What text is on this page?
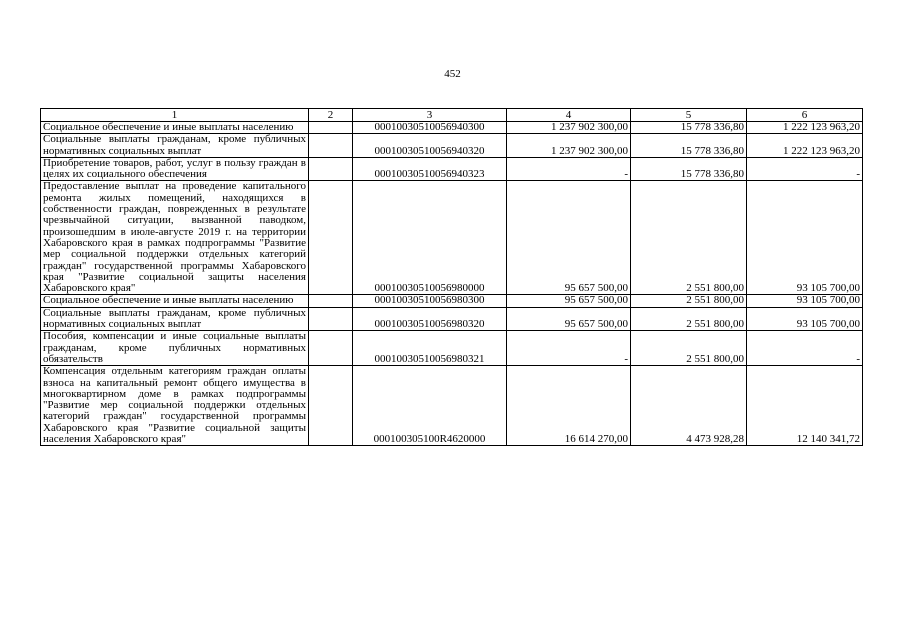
452
1	2	3	4	5	6
Социальное обеспечение и иные выплаты населению		00010030510056940300	1 237 902 300,00	15 778 336,80	1 222 123 963,20
Социальные выплаты гражданам, кроме публичных нормативных социальных выплат		00010030510056940320	1 237 902 300,00	15 778 336,80	1 222 123 963,20
Приобретение товаров, работ, услуг в пользу граждан в целях их социального обеспечения		00010030510056940323	-	15 778 336,80	-
Предоставление выплат на проведение капитального ремонта жилых помещений, находящихся в собственности граждан, поврежденных в результате чрезвычайной ситуации, вызванной паводком, произошедшим в июле-августе 2019 г. на территории Хабаровского края в рамках подпрограммы "Развитие мер социальной поддержки отдельных категорий граждан" государственной программы Хабаровского края "Развитие социальной защиты населения Хабаровского края"		00010030510056980000	95 657 500,00	2 551 800,00	93 105 700,00
Социальное обеспечение и иные выплаты населению		00010030510056980300	95 657 500,00	2 551 800,00	93 105 700,00
Социальные выплаты гражданам, кроме публичных нормативных социальных выплат		00010030510056980320	95 657 500,00	2 551 800,00	93 105 700,00
Пособия, компенсации и иные социальные выплаты гражданам, кроме публичных нормативных обязательств		00010030510056980321	-	2 551 800,00	-
Компенсация отдельным категориям граждан оплаты взноса на капитальный ремонт общего имущества в многоквартирном доме в рамках подпрограммы "Развитие мер социальной поддержки отдельных категорий граждан" государственной программы Хабаровского края "Развитие социальной защиты населения Хабаровского края"		000100305100R4620000	16 614 270,00	4 473 928,28	12 140 341,72
